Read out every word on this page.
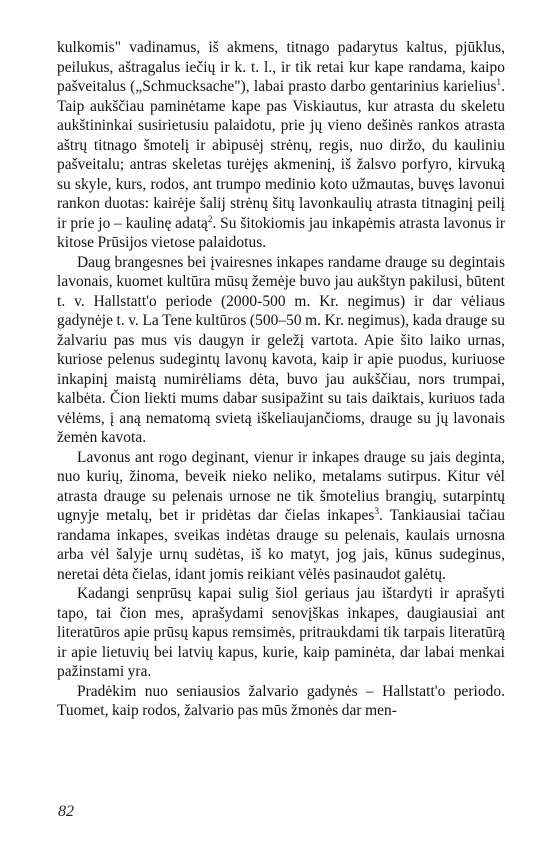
kulkomis" vadinamus, iš akmens, titnago padarytus kaltus, pjūklus, peilukus, aštragalus iečių ir k. t. l., ir tik retai kur kape randama, kaipo pašveitalus („Schmucksache"), labai prasto darbo gentarinius karielius$^1$. Taip aukščiau paminėtame kape pas Viskiautus, kur atrasta du skeletu aukštininkai susirietusiu palaidotu, prie jų vieno dešinės rankos atrasta aštrų titnago šmotelį ir abipusėj strėnų, regis, nuo diržo, du kauliniu pašveitalu; antras skeletas turėjęs akmeninį, iš žalsvo porfyro, kirvuką su skyle, kurs, rodos, ant trumpo medinio koto užmautas, buvęs lavonui rankon duotas: kairėje šalij strėnų šitų lavonkaulių atrasta titnaginį peilį ir prie jo – kaulinę adatą$^2$. Su šitokiomis jau inkapėmis atrasta lavonus ir kitose Prūsijos vietose palaidotus.

Daug brangesnes bei įvairesnes inkapes randame drauge su degintais lavonais, kuomet kultūra mūsų žemėje buvo jau aukštyn pakilusi, būtent t. v. Hallstatt'o periode (2000-500 m. Kr. negimus) ir dar vėliaus gadynėje t. v. La Tene kultūros (500–50 m. Kr. negimus), kada drauge su žalvariu pas mus vis daugyn ir geležį vartota. Apie šito laiko urnas, kuriose pelenus sudegintų lavonų kavota, kaip ir apie puodus, kuriuose inkapinį maistą numirėliams dėta, buvo jau aukščiau, nors trumpai, kalbėta. Čion liekti mums dabar susipažint su tais daiktais, kuriuos tada vėlėms, į aną nematomą svietą iškeliaujančioms, drauge su jų lavonais žemėn kavota.

Lavonus ant rogo deginant, vienur ir inkapes drauge su jais deginta, nuo kurių, žinoma, beveik nieko neliko, metalams sutirpus. Kitur vėl atrasta drauge su pelenais urnose ne tik šmotelius brangių, sutarpintų ugnyje metalų, bet ir pridėtas dar čielas inkapes$^3$. Tankiausiai tačiau randama inkapes, sveikas indėtas drauge su pelenais, kaulais urnosna arba vėl šalyje urnų sudėtas, iš ko matyt, jog jais, kūnus sudeginus, neretai dėta čielas, idant jomis reikiant vėlės pasinaudot galėtų.

Kadangi senprūsų kapai sulig šiol geriaus jau ištardyti ir aprašyti tapo, tai čion mes, aprašydami senovįškas inkapes, daugiausiai ant literatūros apie prūsų kapus remsimės, pritraukdami tik tarpais literatūrą ir apie lietuvių bei latvių kapus, kurie, kaip paminėta, dar labai menkai pažinstami yra.

Pradėkim nuo seniausios žalvario gadynės – Hallstatt'o periodo. Tuomet, kaip rodos, žalvario pas mūs žmonės dar men-

82
